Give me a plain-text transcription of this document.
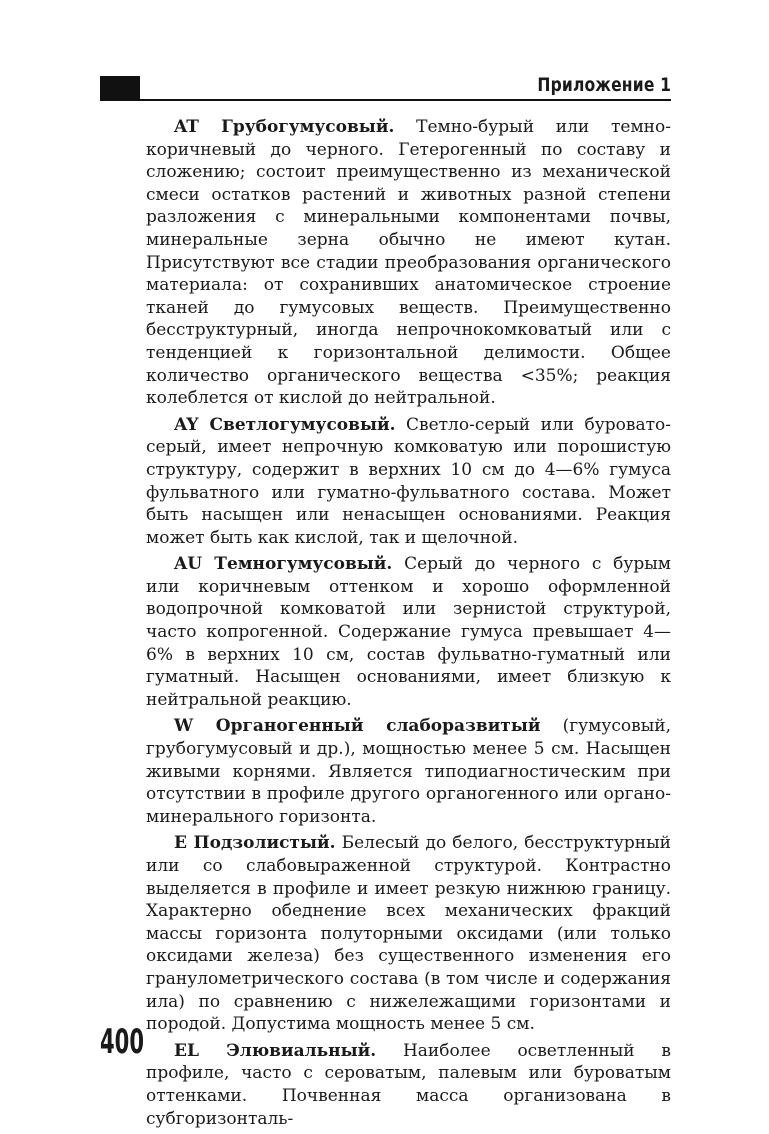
Приложение 1

AT Грубогумусовый. Темно-бурый или темно-коричневый до черного. Гетерогенный по составу и сложению; состоит преимущественно из механической смеси остатков растений и животных разной степени разложения с минеральными компонентами почвы, минеральные зерна обычно не имеют кутан. Присутствуют все стадии преобразования органического материала: от сохранивших анатомическое строение тканей до гумусовых веществ. Преимущественно бесструктурный, иногда непрочнокомковатый или с тенденцией к горизонтальной делимости. Общее количество органического вещества <35%; реакция колеблется от кислой до нейтральной.

AY Светлогумусовый. Светло-серый или буровато-серый, имеет непрочную комковатую или порошистую структуру, содержит в верхних 10 см до 4—6% гумуса фульватного или гуматно-фульватного состава. Может быть насыщен или ненасыщен основаниями. Реакция может быть как кислой, так и щелочной.

AU Темногумусовый. Серый до черного с бурым или коричневым оттенком и хорошо оформленной водопрочной комковатой или зернистой структурой, часто копрогенной. Содержание гумуса превышает 4—6% в верхних 10 см, состав фульватно-гуматный или гуматный. Насыщен основаниями, имеет близкую к нейтральной реакцию.

W Органогенный слаборазвитый (гумусовый, грубогумусовый и др.), мощностью менее 5 см. Насыщен живыми корнями. Является типодиагностическим при отсутствии в профиле другого органогенного или органо-минерального горизонта.

E Подзолистый. Белесый до белого, бесструктурный или со слабовыраженной структурой. Контрастно выделяется в профиле и имеет резкую нижнюю границу. Характерно обеднение всех механических фракций массы горизонта полуторными оксидами (или только оксидами железа) без существенного изменения его гранулометрического состава (в том числе и содержания ила) по сравнению с нижележащими горизонтами и породой. Допустима мощность менее 5 см.

EL Элювиальный. Наиболее осветленный в профиле, часто с сероватым, палевым или буроватым оттенками. Почвенная масса организована в субгоризонталь-

400
